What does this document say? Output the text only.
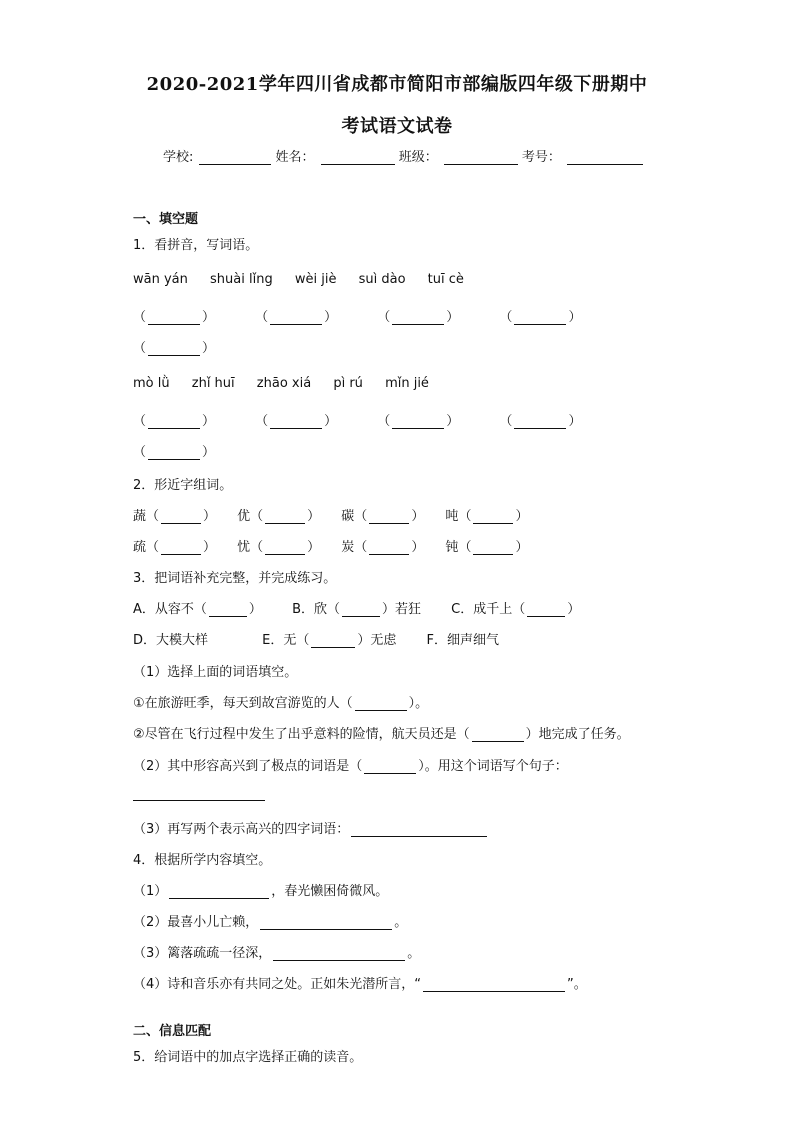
2020-2021学年四川省成都市简阳市部编版四年级下册期中
考试语文试卷
学校:	姓名：	班级：	考号：
一、填空题
1．看拼音，写词语。
wān yán shuài lǐng wèi jiè suì dào tuī cè
（	）	（	）	（	）	（	）
（	）
mò lǜ zhǐ huī zhāo xiá pì rú mǐn jié
（	）	（	）	（	）	（	）
（	）
2．形近字组词。
蔬（	） 优（	） 碳（	） 吨（	）
疏（	） 忧（	） 炭（	） 钝（	）
3．把词语补充完整，并完成练习。
A．从容不（	） B．欣（	）若狂 C．成千上（	）
D．大模大样	E．无（	）无虑 F．细声细气
（1）选择上面的词语填空。
①在旅游旺季，每天到故宫游览的人（	）。
②尽管在飞行过程中发生了出乎意料的险情，航天员还是（	）地完成了任务。
（2）其中形容高兴到了极点的词语是（	）。用这个词语写个句子：
（3）再写两个表示高兴的四字词语：
4．根据所学内容填空。
（1）	，春光懒困倚微风。
（2）最喜小儿亡赖，	。
（3）篱落疏疏一径深，	。
（4）诗和音乐亦有共同之处。正如朱光潜所言，“	”。
二、信息匹配
5．给词语中的加点字选择正确的读音。
